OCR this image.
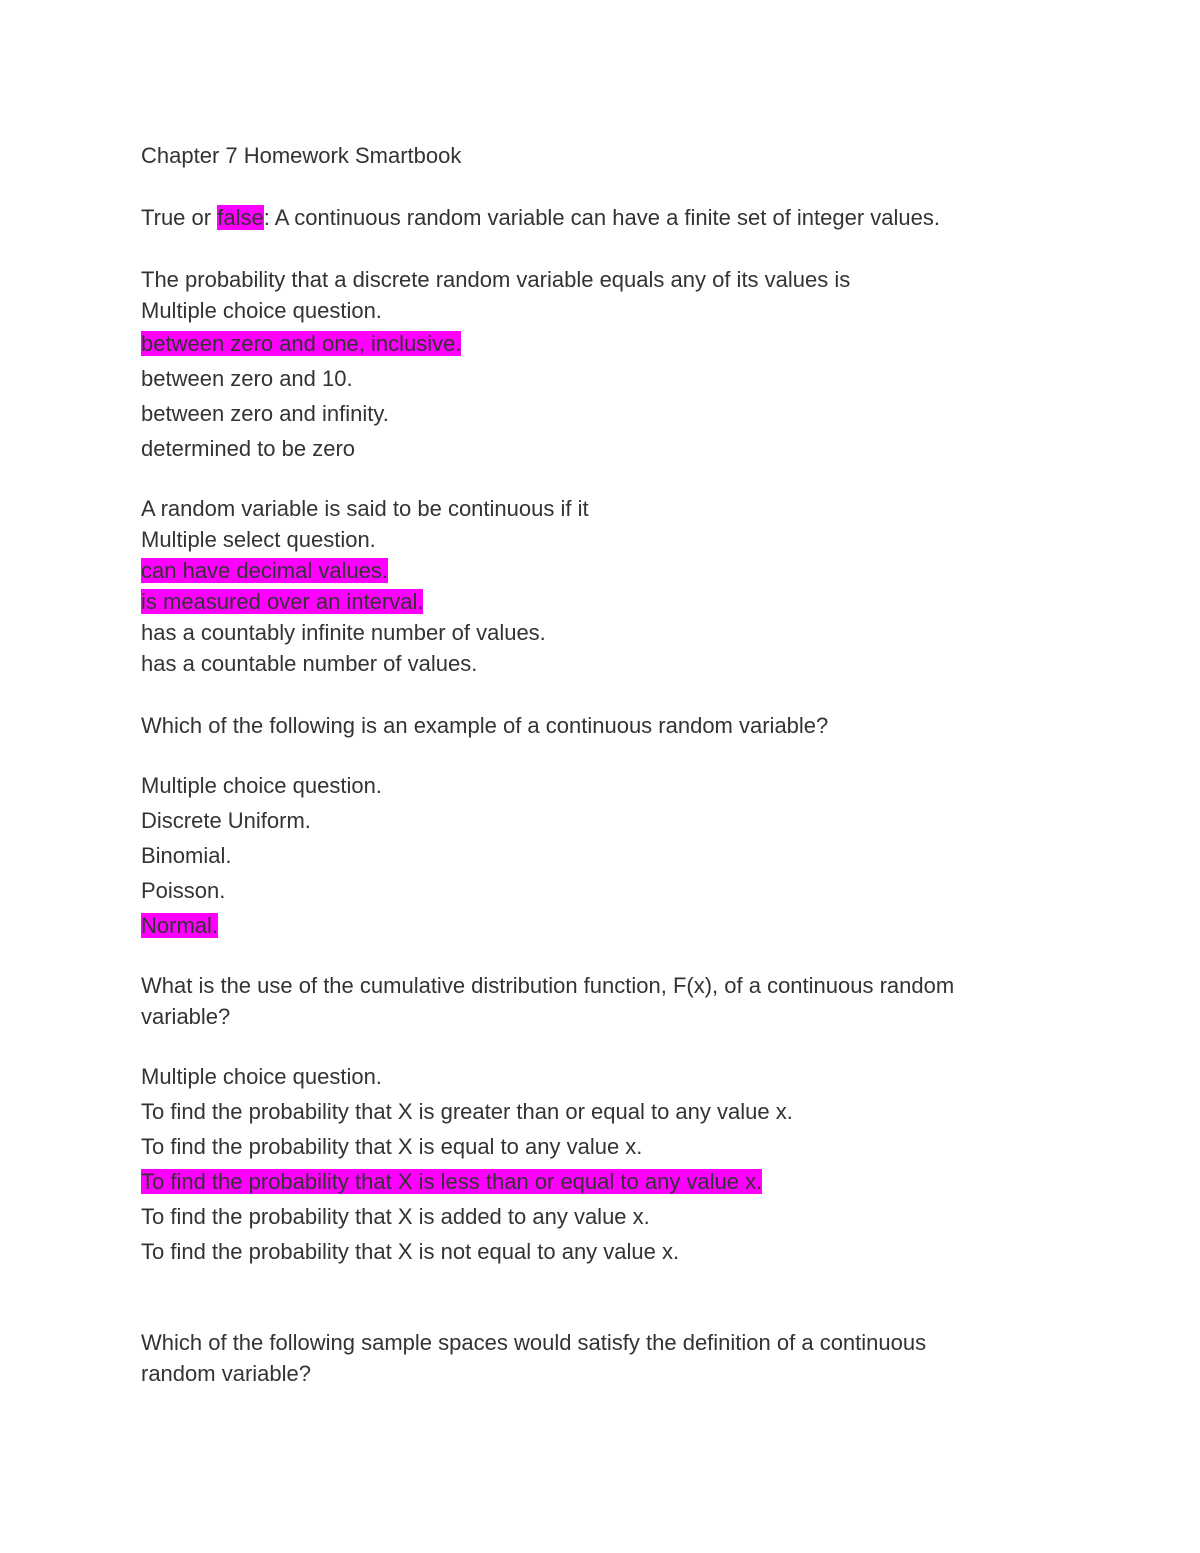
Chapter 7 Homework Smartbook
True or false: A continuous random variable can have a finite set of integer values.
The probability that a discrete random variable equals any of its values is
Multiple choice question.
between zero and one, inclusive.
between zero and 10.
between zero and infinity.
determined to be zero
A random variable is said to be continuous if it
Multiple select question.
can have decimal values.
is measured over an interval.
has a countably infinite number of values.
has a countable number of values.
Which of the following is an example of a continuous random variable?
Multiple choice question.
Discrete Uniform.
Binomial.
Poisson.
Normal.
What is the use of the cumulative distribution function, F(x), of a continuous random variable?
Multiple choice question.
To find the probability that X is greater than or equal to any value x.
To find the probability that X is equal to any value x.
To find the probability that X is less than or equal to any value x.
To find the probability that X is added to any value x.
To find the probability that X is not equal to any value x.
Which of the following sample spaces would satisfy the definition of a continuous random variable?
